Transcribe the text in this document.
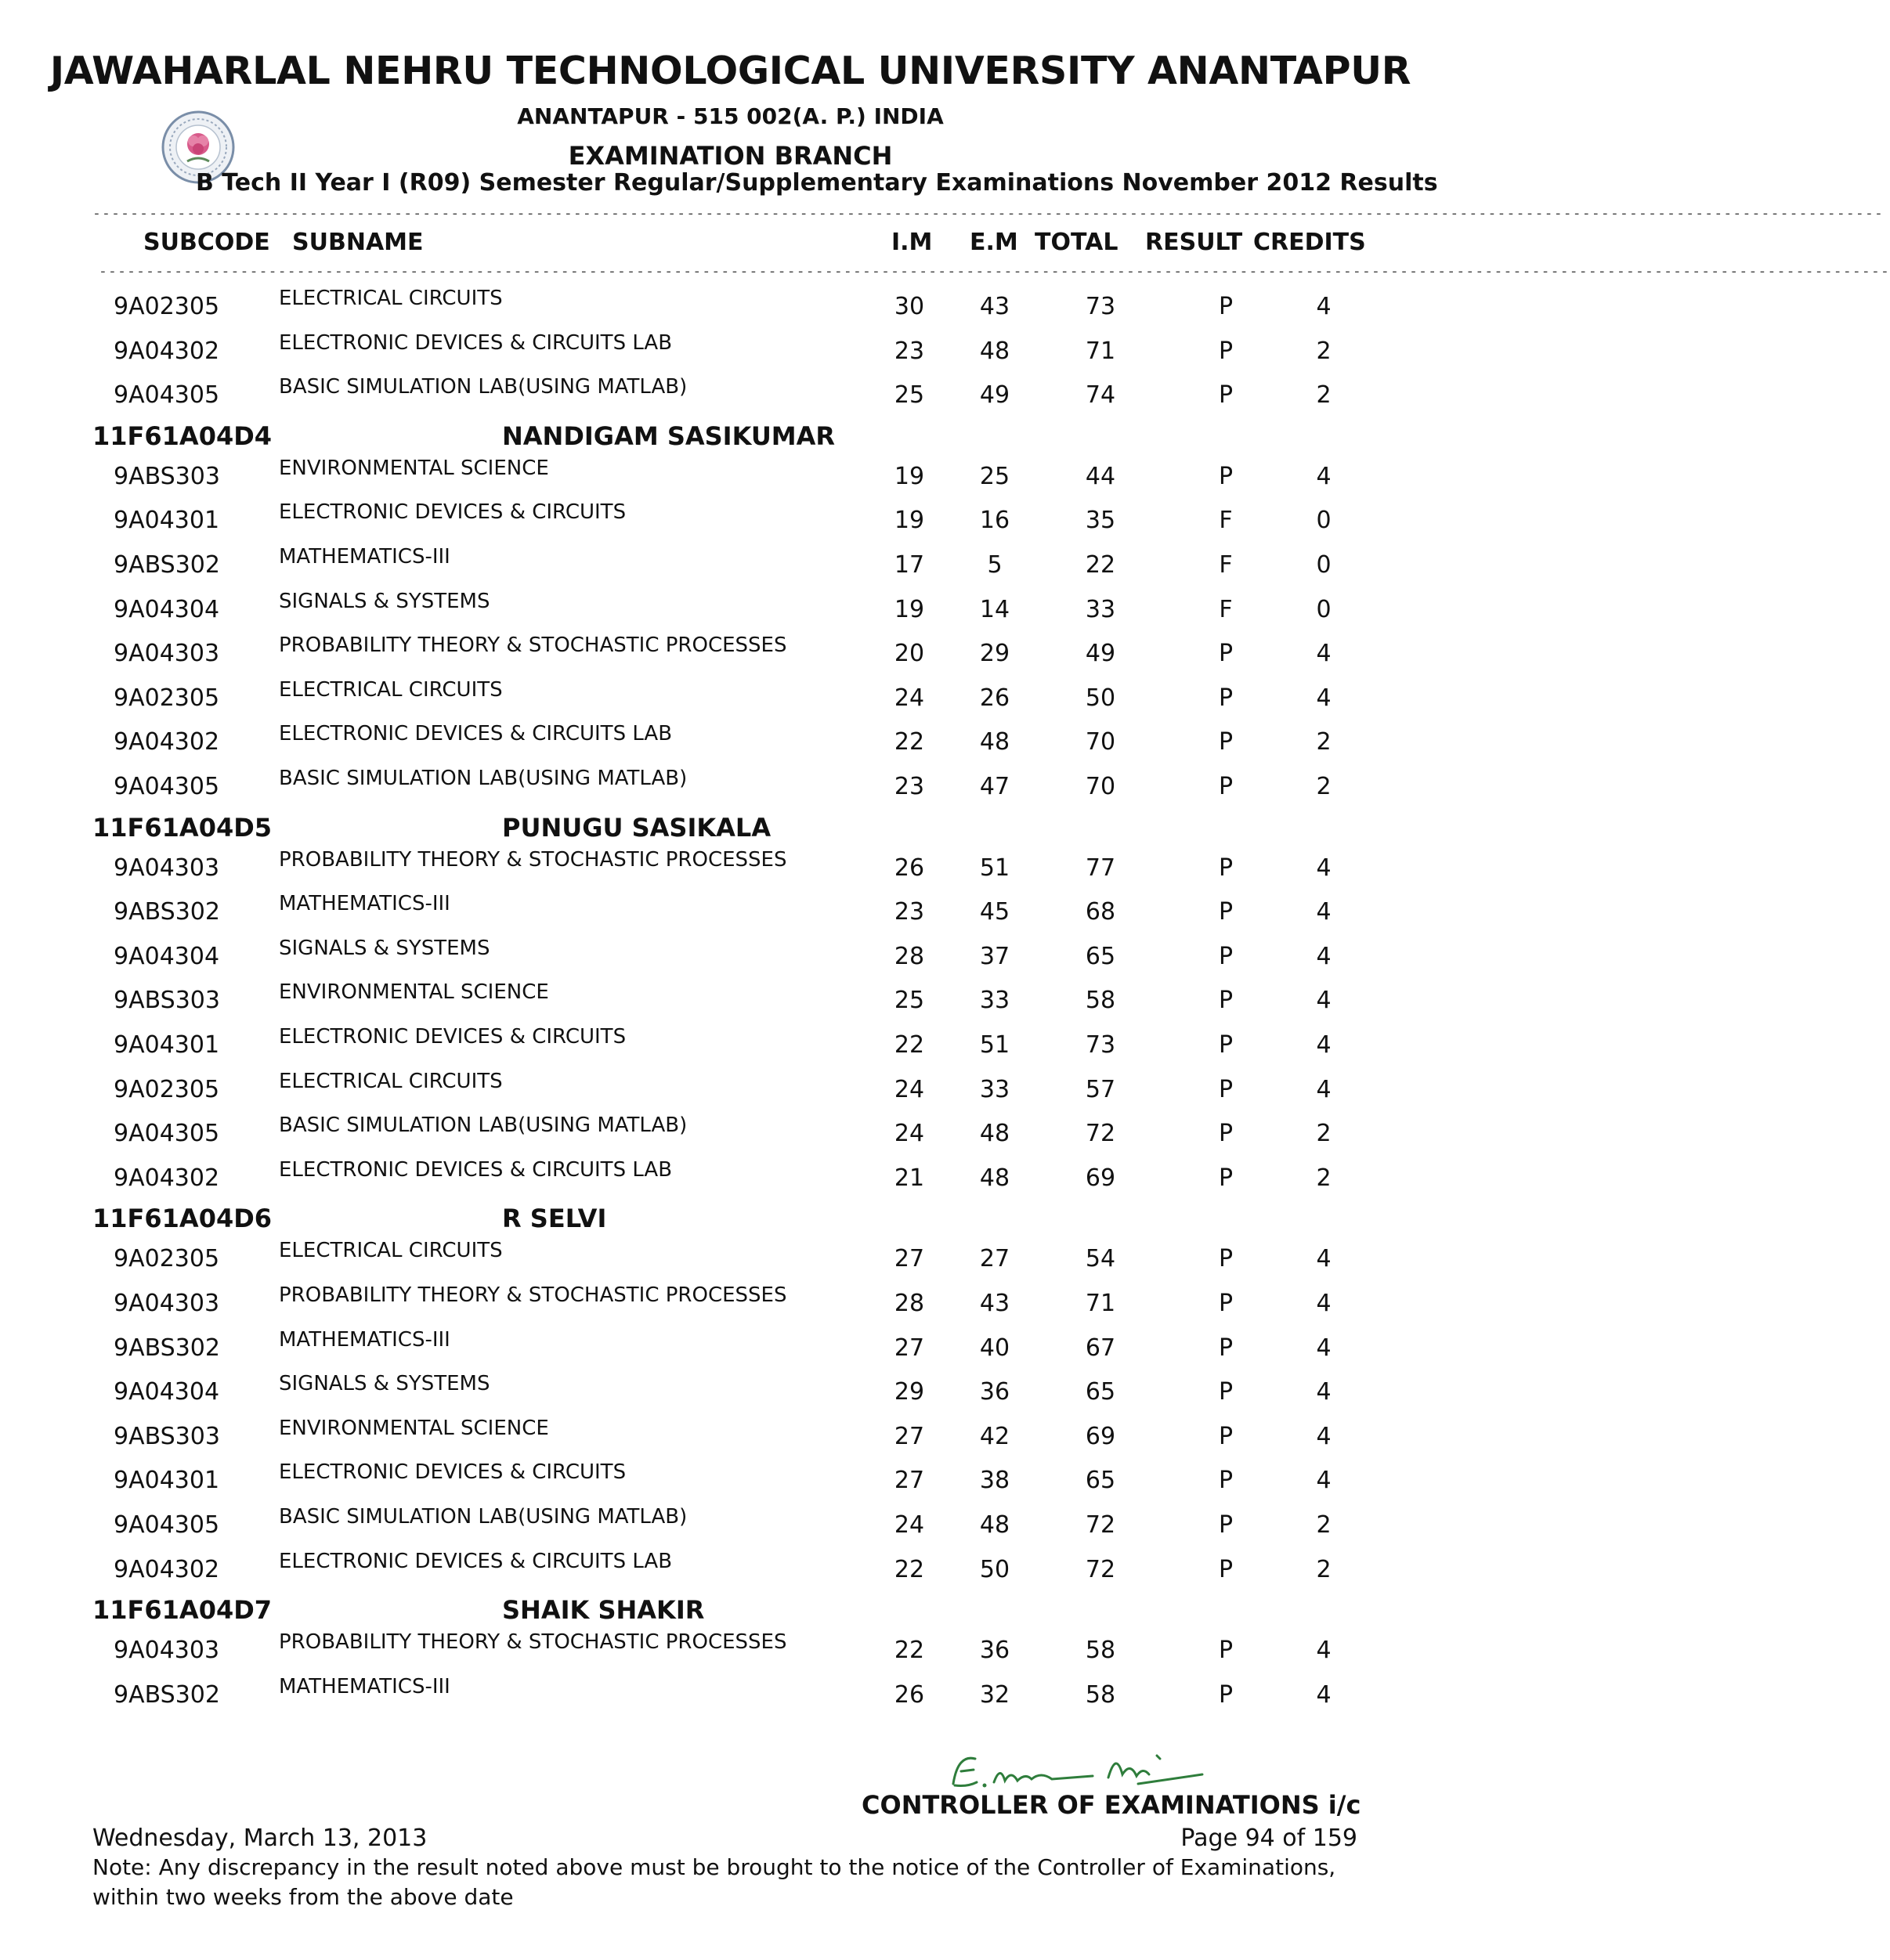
JAWAHARLAL NEHRU TECHNOLOGICAL UNIVERSITY ANANTAPUR
ANANTAPUR - 515 002(A. P.) INDIA
EXAMINATION BRANCH
B Tech II Year I (R09) Semester Regular/Supplementary Examinations November 2012 Results
----------------------------------------------------------------------------------------------------------------------------------------------------------------------------------------------
SUBCODE SUBNAME	I.M E.M TOTAL RESULT CREDITS
----------------------------------------------------------------------------------------------------------------------------------------------------------------------------------------------
9A02305	ELECTRICAL CIRCUITS	30	43	73	P	4
9A04302	ELECTRONIC DEVICES & CIRCUITS LAB	23	48	71	P	2
9A04305	BASIC SIMULATION LAB(USING MATLAB)	25	49	74	P	2
11F61A04D4	NANDIGAM SASIKUMAR
9ABS303	ENVIRONMENTAL SCIENCE	19	25	44	P	4
9A04301	ELECTRONIC DEVICES & CIRCUITS	19	16	35	F	0
9ABS302	MATHEMATICS-III	17	5	22	F	0
9A04304	SIGNALS & SYSTEMS	19	14	33	F	0
9A04303	PROBABILITY THEORY & STOCHASTIC PROCESSES	20	29	49	P	4
9A02305	ELECTRICAL CIRCUITS	24	26	50	P	4
9A04302	ELECTRONIC DEVICES & CIRCUITS LAB	22	48	70	P	2
9A04305	BASIC SIMULATION LAB(USING MATLAB)	23	47	70	P	2
11F61A04D5	PUNUGU SASIKALA
9A04303	PROBABILITY THEORY & STOCHASTIC PROCESSES	26	51	77	P	4
9ABS302	MATHEMATICS-III	23	45	68	P	4
9A04304	SIGNALS & SYSTEMS	28	37	65	P	4
9ABS303	ENVIRONMENTAL SCIENCE	25	33	58	P	4
9A04301	ELECTRONIC DEVICES & CIRCUITS	22	51	73	P	4
9A02305	ELECTRICAL CIRCUITS	24	33	57	P	4
9A04305	BASIC SIMULATION LAB(USING MATLAB)	24	48	72	P	2
9A04302	ELECTRONIC DEVICES & CIRCUITS LAB	21	48	69	P	2
11F61A04D6	R SELVI
9A02305	ELECTRICAL CIRCUITS	27	27	54	P	4
9A04303	PROBABILITY THEORY & STOCHASTIC PROCESSES	28	43	71	P	4
9ABS302	MATHEMATICS-III	27	40	67	P	4
9A04304	SIGNALS & SYSTEMS	29	36	65	P	4
9ABS303	ENVIRONMENTAL SCIENCE	27	42	69	P	4
9A04301	ELECTRONIC DEVICES & CIRCUITS	27	38	65	P	4
9A04305	BASIC SIMULATION LAB(USING MATLAB)	24	48	72	P	2
9A04302	ELECTRONIC DEVICES & CIRCUITS LAB	22	50	72	P	2
11F61A04D7	SHAIK SHAKIR
9A04303	PROBABILITY THEORY & STOCHASTIC PROCESSES	22	36	58	P	4
9ABS302	MATHEMATICS-III	26	32	58	P	4
CONTROLLER OF EXAMINATIONS i/c
Wednesday, March 13, 2013	Page 94 of 159
Note: Any discrepancy in the result noted above must be brought to the notice of the Controller of Examinations, within two weeks from the above date
